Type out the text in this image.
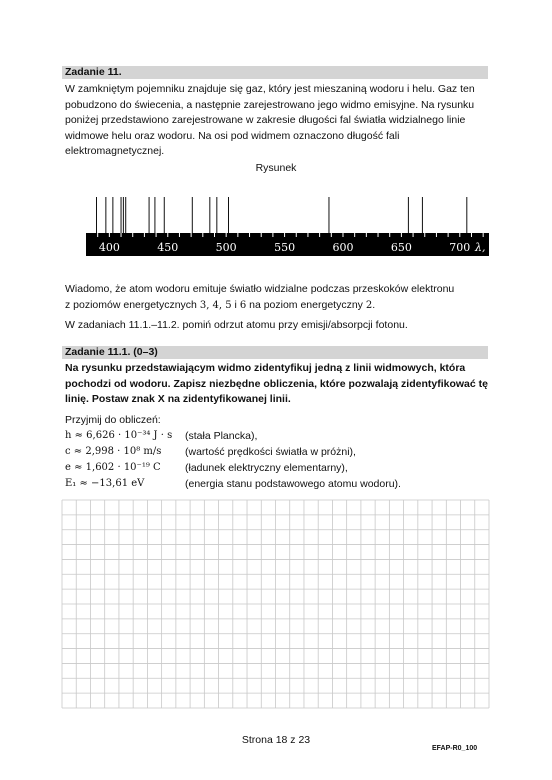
Zadanie 11.
W zamkniętym pojemniku znajduje się gaz, który jest mieszaniną wodoru i helu. Gaz ten pobudzono do świecenia, a następnie zarejestrowano jego widmo emisyjne. Na rysunku poniżej przedstawiono zarejestrowane w zakresie długości fal światła widzialnego linie widmowe helu oraz wodoru. Na osi pod widmem oznaczono długość fali elektromagnetycznej.
Rysunek
400	450	500	550	600	650	700 λ, nm
Wiadomo, że atom wodoru emituje światło widzialne podczas przeskoków elektronu
z poziomów energetycznych 3, 4, 5 i 6 na poziom energetyczny 2.
W zadaniach 11.1.–11.2. pomiń odrzut atomu przy emisji/absorpcji fotonu.
Zadanie 11.1. (0–3)
Na rysunku przedstawiającym widmo zidentyfikuj jedną z linii widmowych, która pochodzi od wodoru. Zapisz niezbędne obliczenia, które pozwalają zidentyfikować tę linię. Postaw znak X na zidentyfikowanej linii.
Przyjmij do obliczeń:
h ≈ 6,626 · 10⁻³⁴ J · s	(stała Plancka),
c ≈ 2,998 · 10⁸ m/s	(wartość prędkości światła w próżni),
e ≈ 1,602 · 10⁻¹⁹ C	(ładunek elektryczny elementarny),
E₁ ≈ −13,61 eV	(energia stanu podstawowego atomu wodoru).
Strona 18 z 23
EFAP-R0_100
